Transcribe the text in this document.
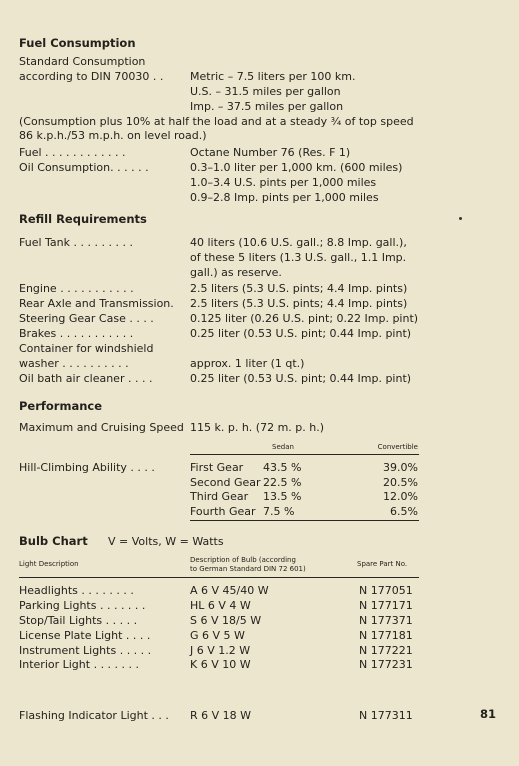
Fuel Consumption
Standard Consumption
according to DIN 70030 . . Metric – 7.5 liters per 100 km.
U.S. – 31.5 miles per gallon
Imp. – 37.5 miles per gallon
(Consumption plus 10% at half the load and at a steady ¾ of top speed
86 k.p.h./53 m.p.h. on level road.)
Fuel . . . . . . . . . . . .	Octane Number 76 (Res. F 1)
Oil Consumption. . . . . .	0.3–1.0 liter per 1,000 km. (600 miles)
1.0–3.4 U.S. pints per 1,000 miles
0.9–2.8 Imp. pints per 1,000 miles
Refill Requirements
Fuel Tank . . . . . . . . .	40 liters (10.6 U.S. gall.; 8.8 Imp. gall.),
of these 5 liters (1.3 U.S. gall., 1.1 Imp.
gall.) as reserve.
Engine . . . . . . . . . . .	2.5 liters (5.3 U.S. pints; 4.4 Imp. pints)
Rear Axle and Transmission. 2.5 liters (5.3 U.S. pints; 4.4 Imp. pints)
Steering Gear Case . . . .	0.125 liter (0.26 U.S. pint; 0.22 Imp. pint)
Brakes . . . . . . . . . . .	0.25 liter (0.53 U.S. pint; 0.44 Imp. pint)
Container for windshield
washer . . . . . . . . . .	approx. 1 liter (1 qt.)
Oil bath air cleaner . . . .	0.25 liter (0.53 U.S. pint; 0.44 Imp. pint)
Performance
Maximum and Cruising Speed 115 k. p. h. (72 m. p. h.)
Sedan	Convertible
Hill-Climbing Ability . . . .	First Gear 43.5 %	39.0%
Second Gear 22.5 %	20.5%
Third Gear 13.5 %	12.0%
Fourth Gear 7.5 %	6.5%
Bulb Chart V = Volts, W = Watts
Light Description	Description of Bulb (according
to German Standard DIN 72 601)
Spare Part No.
Headlights . . . . . . . .	A 6 V 45/40 W	N 177051
Parking Lights . . . . . . .	HL 6 V 4 W	N 177171
Stop/Tail Lights . . . . .	S 6 V 18/5 W	N 177371
License Plate Light . . . .	G 6 V 5 W	N 177181
Instrument Lights . . . . .	J 6 V 1.2 W	N 177221
Interior Light . . . . . . .	K 6 V 10 W	N 177231
Flashing Indicator Light . . . R 6 V 18 W	N 177311	81
